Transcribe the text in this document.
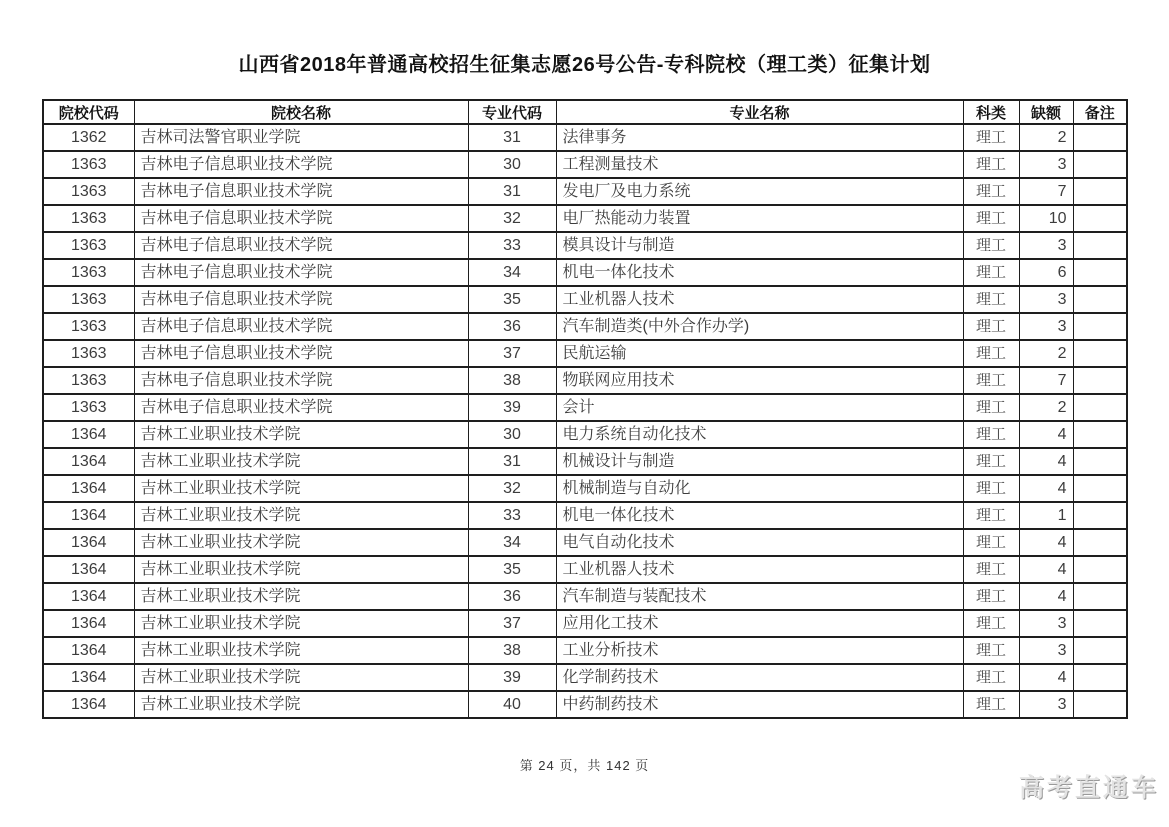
山西省2018年普通高校招生征集志愿26号公告-专科院校（理工类）征集计划
院校代码	院校名称	专业代码	专业名称	科类	缺额	备注
1362	吉林司法警官职业学院	31	法律事务	理工	2	
1363	吉林电子信息职业技术学院	30	工程测量技术	理工	3	
1363	吉林电子信息职业技术学院	31	发电厂及电力系统	理工	7	
1363	吉林电子信息职业技术学院	32	电厂热能动力装置	理工	10	
1363	吉林电子信息职业技术学院	33	模具设计与制造	理工	3	
1363	吉林电子信息职业技术学院	34	机电一体化技术	理工	6	
1363	吉林电子信息职业技术学院	35	工业机器人技术	理工	3	
1363	吉林电子信息职业技术学院	36	汽车制造类(中外合作办学)	理工	3	
1363	吉林电子信息职业技术学院	37	民航运输	理工	2	
1363	吉林电子信息职业技术学院	38	物联网应用技术	理工	7	
1363	吉林电子信息职业技术学院	39	会计	理工	2	
1364	吉林工业职业技术学院	30	电力系统自动化技术	理工	4	
1364	吉林工业职业技术学院	31	机械设计与制造	理工	4	
1364	吉林工业职业技术学院	32	机械制造与自动化	理工	4	
1364	吉林工业职业技术学院	33	机电一体化技术	理工	1	
1364	吉林工业职业技术学院	34	电气自动化技术	理工	4	
1364	吉林工业职业技术学院	35	工业机器人技术	理工	4	
1364	吉林工业职业技术学院	36	汽车制造与装配技术	理工	4	
1364	吉林工业职业技术学院	37	应用化工技术	理工	3	
1364	吉林工业职业技术学院	38	工业分析技术	理工	3	
1364	吉林工业职业技术学院	39	化学制药技术	理工	4	
1364	吉林工业职业技术学院	40	中药制药技术	理工	3	
第 24 页，共 142 页
高考直通车
